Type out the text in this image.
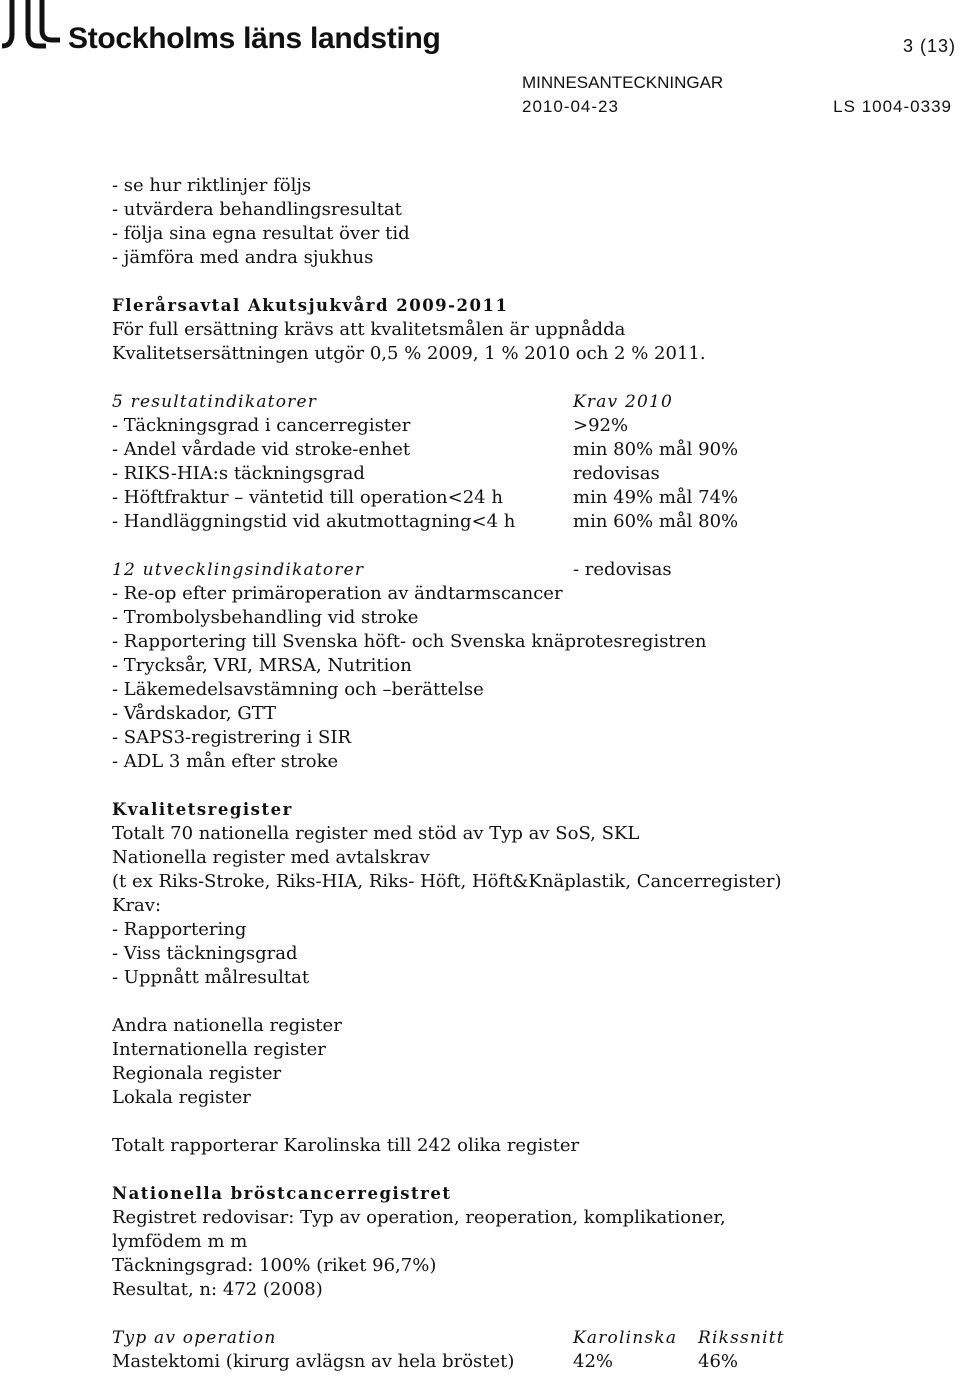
Stockholms läns landsting	3 (13)
MINNESANTECKNINGAR
2010-04-23	LS 1004-0339
- se hur riktlinjer följs
- utvärdera behandlingsresultat
- följa sina egna resultat över tid
- jämföra med andra sjukhus
Flerårsavtal Akutsjukvård 2009-2011
För full ersättning krävs att kvalitetsmålen är uppnådda
Kvalitetsersättningen utgör 0,5 % 2009, 1 % 2010 och 2 % 2011.
5 resultatindikatorer	Krav 2010
- Täckningsgrad i cancerregister	>92%
- Andel vårdade vid stroke-enhet	min 80% mål 90%
- RIKS-HIA:s täckningsgrad	redovisas
- Höftfraktur – väntetid till operation<24 h	min 49% mål 74%
- Handläggningstid vid akutmottagning<4 h	min 60% mål 80%
12 utvecklingsindikatorer	- redovisas
- Re-op efter primäroperation av ändtarmscancer
- Trombolysbehandling vid stroke
- Rapportering till Svenska höft- och Svenska knäprotesregistren
- Trycksår, VRI, MRSA, Nutrition
- Läkemedelsavstämning och –berättelse
- Vårdskador, GTT
- SAPS3-registrering i SIR
- ADL 3 mån efter stroke
Kvalitetsregister
Totalt 70 nationella register med stöd av Typ av SoS, SKL
Nationella register med avtalskrav
(t ex Riks-Stroke, Riks-HIA, Riks- Höft, Höft&Knäplastik, Cancerregister)
Krav:
- Rapportering
- Viss täckningsgrad
- Uppnått målresultat
Andra nationella register
Internationella register
Regionala register
Lokala register
Totalt rapporterar Karolinska till 242 olika register
Nationella bröstcancerregistret
Registret redovisar: Typ av operation, reoperation, komplikationer,
lymfödem m m
Täckningsgrad: 100% (riket 96,7%)
Resultat, n: 472 (2008)
Typ av operation	Karolinska Rikssnitt
Mastektomi (kirurg avlägsn av hela bröstet)	42%	46%
